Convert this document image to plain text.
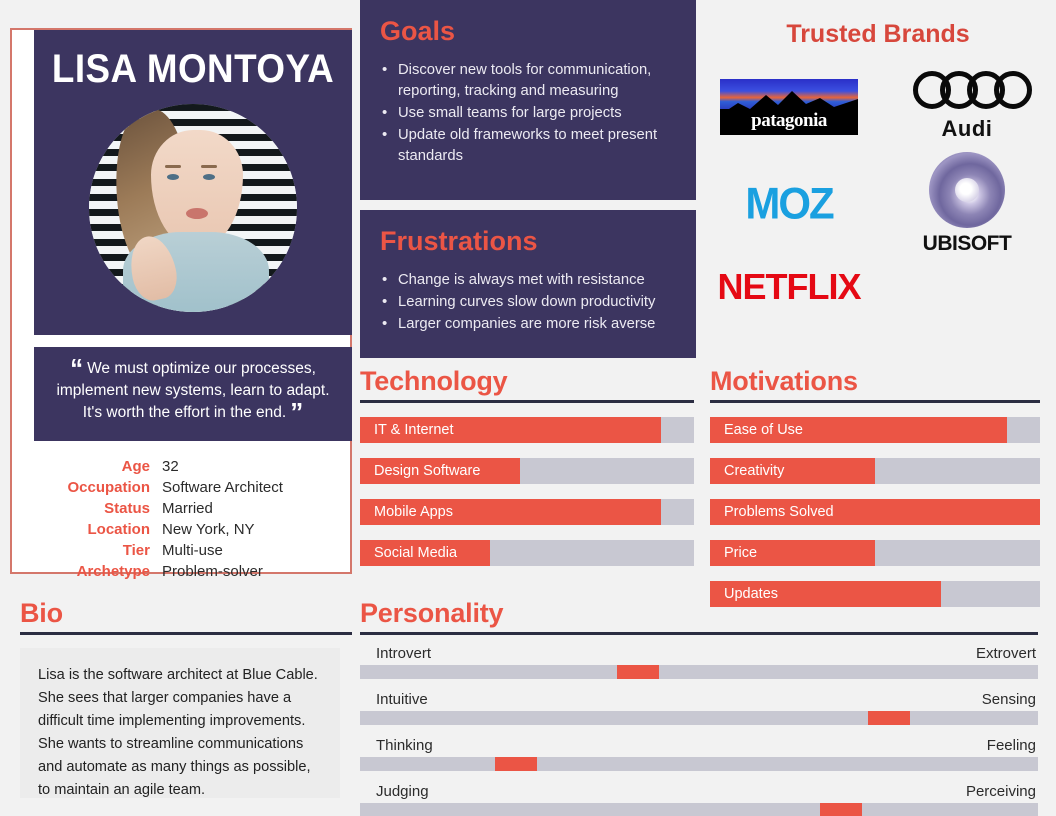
LISA MONTOYA
“ We must optimize our processes, implement new systems, learn to adapt. It's worth the effort in the end. ”
Age 32
Occupation Software Architect
Status Married
Location New York, NY
Tier Multi-use
Archetype Problem-solver
Bio
Lisa is the software architect at Blue Cable. She sees that larger companies have a difficult time implementing improvements. She wants to streamline communications and automate as many things as possible, to maintain an agile team.
Goals
• Discover new tools for communication, reporting, tracking and measuring
• Use small teams for large projects
• Update old frameworks to meet present standards
Frustrations
• Change is always met with resistance
• Learning curves slow down productivity
• Larger companies are more risk averse
Trusted Brands
patagonia	Audi
MOZ
UBISOFT
NETFLIX
Technology
IT & Internet
Design Software
Mobile Apps
Social Media
Motivations
Ease of Use
Creativity
Problems Solved
Price
Updates
Personality
Introvert	Extrovert
Intuitive	Sensing
Thinking	Feeling
Judging	Perceiving
